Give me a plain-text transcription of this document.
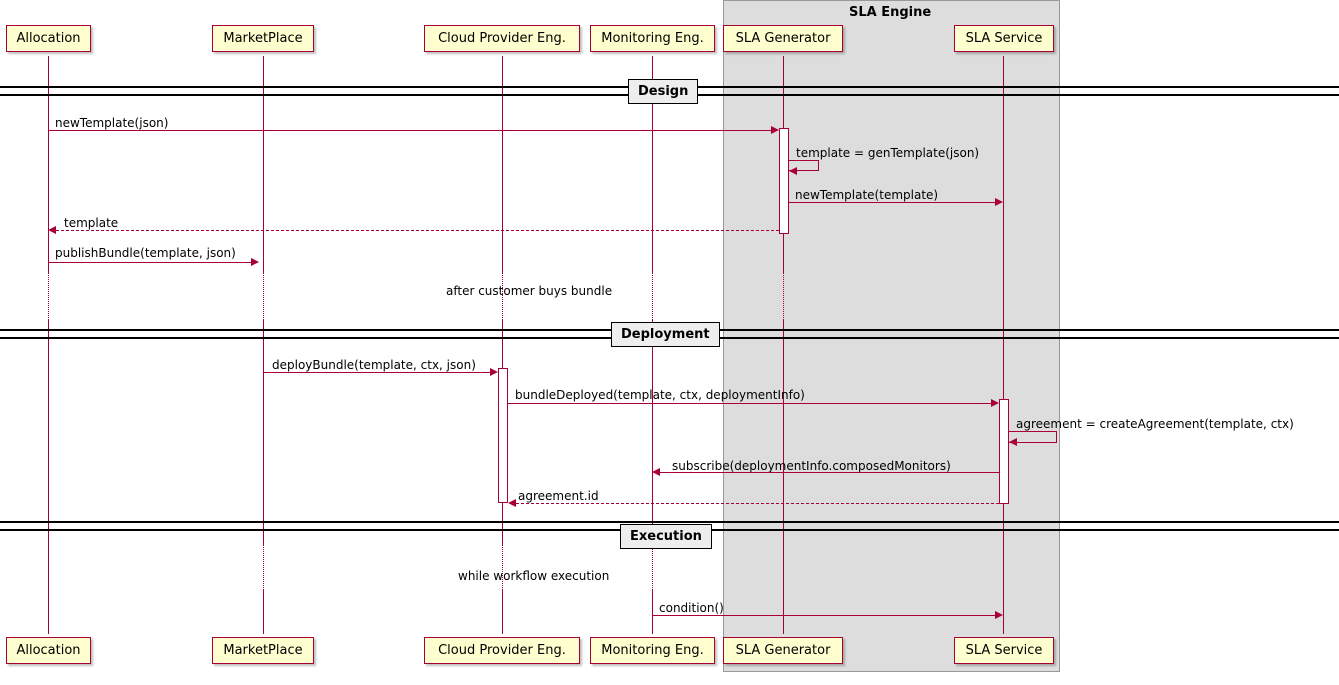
SLA Engine
Allocation	MarketPlace	Cloud Provider Eng.	Monitoring Eng.	SLA Generator	SLA Service
Allocation	MarketPlace	Cloud Provider Eng.	Monitoring Eng.	SLA Generator	SLA Service
Design
Deployment
Execution
newTemplate(json)
template = genTemplate(json)
newTemplate(template)
template
publishBundle(template, json)
after customer buys bundle
deployBundle(template, ctx, json)
bundleDeployed(template, ctx, deploymentInfo)
agreement = createAgreement(template, ctx)
subscribe(deploymentInfo.composedMonitors)
agreement.id
while workflow execution
condition()
